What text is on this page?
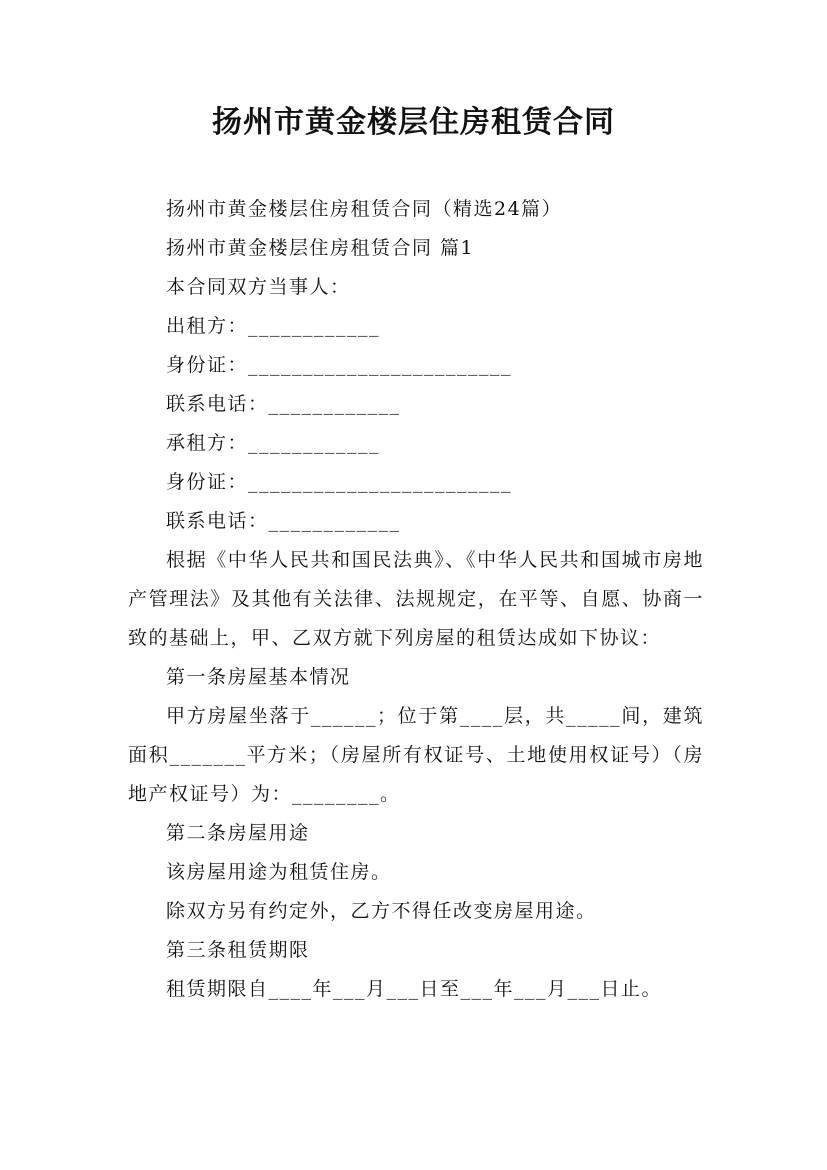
扬州市黄金楼层住房租赁合同

扬州市黄金楼层住房租赁合同（精选24篇）

扬州市黄金楼层住房租赁合同 篇1

本合同双方当事人：

出租方：____________

身份证：________________________

联系电话：____________

承租方：____________

身份证：________________________

联系电话：____________

根据《中华人民共和国民法典》、《中华人民共和国城市房地产管理法》及其他有关法律、法规规定，在平等、自愿、协商一致的基础上，甲、乙双方就下列房屋的租赁达成如下协议：

第一条房屋基本情况

甲方房屋坐落于______；位于第____层，共_____间，建筑面积_______平方米；（房屋所有权证号、土地使用权证号）（房地产权证号）为：________。

第二条房屋用途

该房屋用途为租赁住房。

除双方另有约定外，乙方不得任改变房屋用途。

第三条租赁期限

租赁期限自____年___月___日至___年___月___日止。
